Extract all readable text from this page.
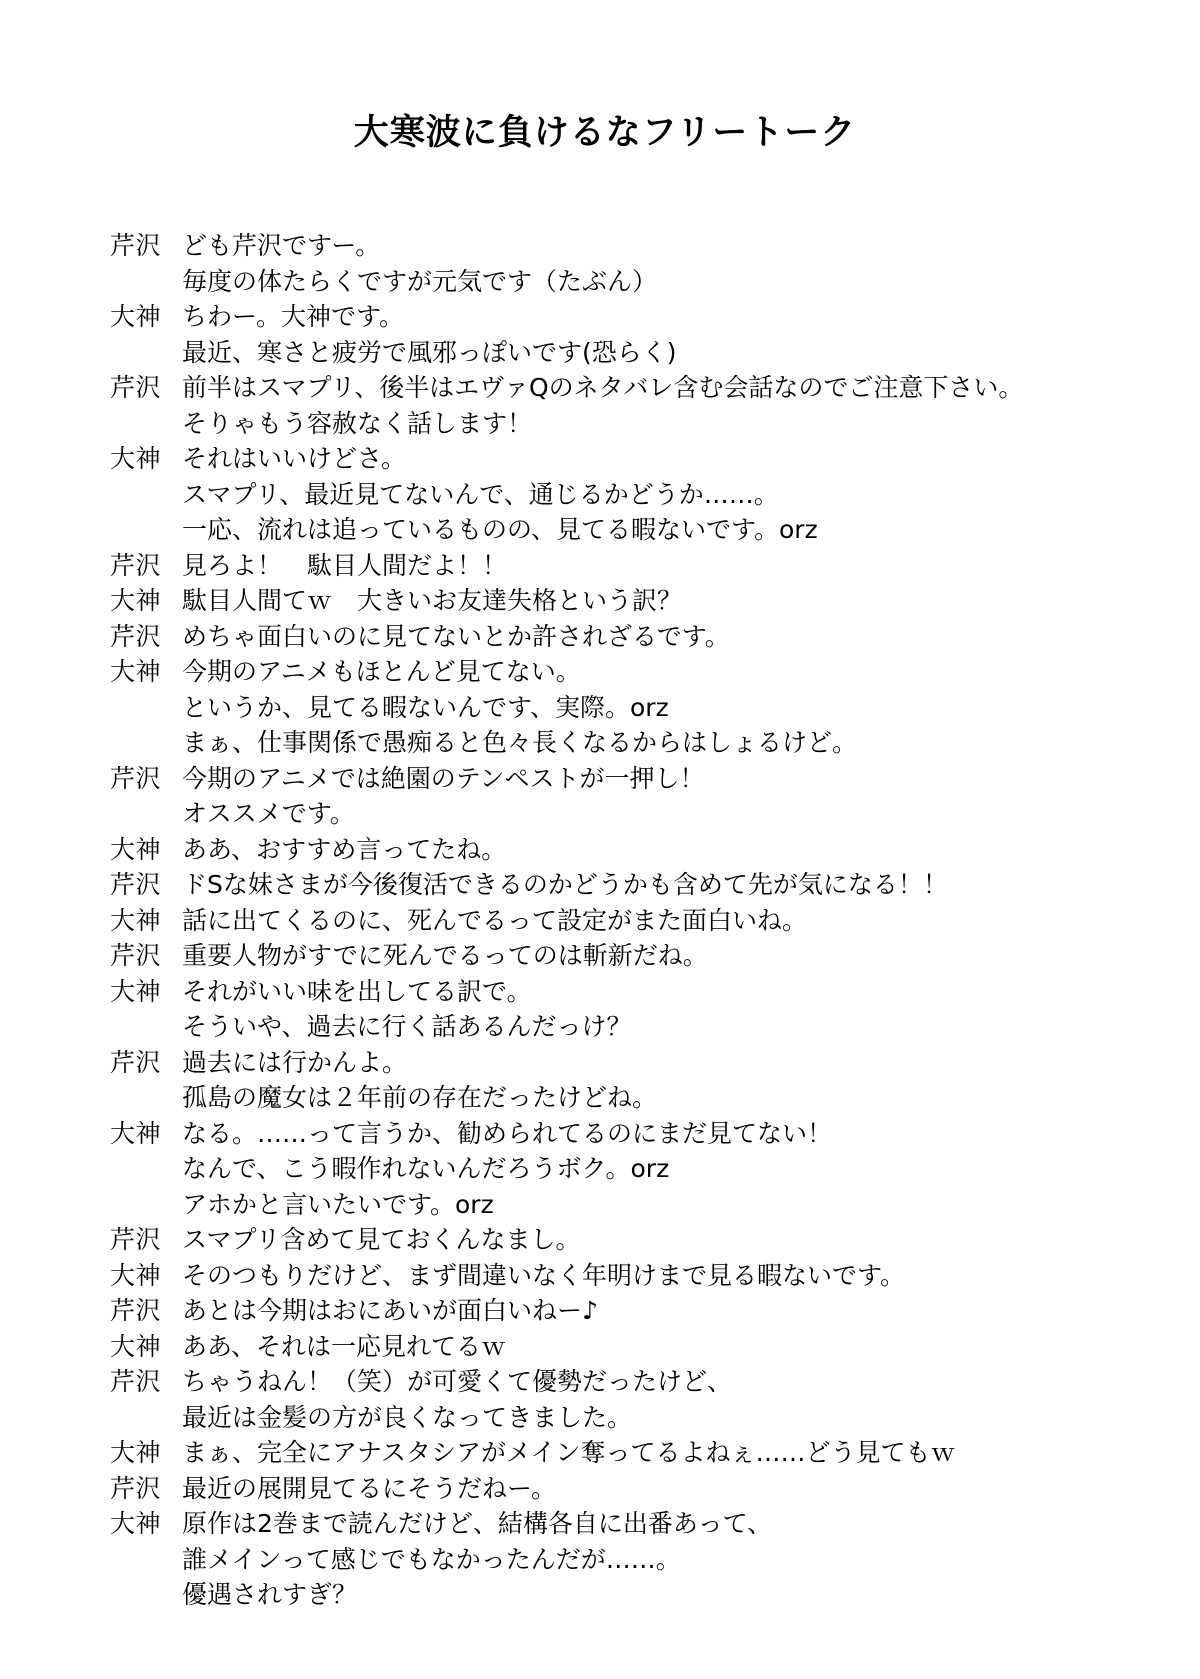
大寒波に負けるなフリートーク
芹沢 ども芹沢ですー。
毎度の体たらくですが元気です（たぶん）
大神 ちわー。大神です。
最近、寒さと疲労で風邪っぽいです(恐らく)
芹沢 前半はスマプリ、後半はエヴァQのネタバレ含む会話なのでご注意下さい。
そりゃもう容赦なく話します！
大神 それはいいけどさ。
スマプリ、最近見てないんで、通じるかどうか……。
一応、流れは追っているものの、見てる暇ないです。orz
芹沢 見ろよ！　駄目人間だよ！！
大神 駄目人間てｗ　大きいお友達失格という訳？
芹沢 めちゃ面白いのに見てないとか許されざるです。
大神 今期のアニメもほとんど見てない。
というか、見てる暇ないんです、実際。orz
まぁ、仕事関係で愚痴ると色々長くなるからはしょるけど。
芹沢 今期のアニメでは絶園のテンペストが一押し！
オススメです。
大神 ああ、おすすめ言ってたね。
芹沢 ドSな妹さまが今後復活できるのかどうかも含めて先が気になる！！
大神 話に出てくるのに、死んでるって設定がまた面白いね。
芹沢 重要人物がすでに死んでるってのは斬新だね。
大神 それがいい味を出してる訳で。
そういや、過去に行く話あるんだっけ？
芹沢 過去には行かんよ。
孤島の魔女は２年前の存在だったけどね。
大神 なる。……って言うか、勧められてるのにまだ見てない！
なんで、こう暇作れないんだろうボク。orz
アホかと言いたいです。orz
芹沢 スマプリ含めて見ておくんなまし。
大神 そのつもりだけど、まず間違いなく年明けまで見る暇ないです。
芹沢 あとは今期はおにあいが面白いねー♪
大神 ああ、それは一応見れてるｗ
芹沢 ちゃうねん！（笑）が可愛くて優勢だったけど、
最近は金髪の方が良くなってきました。
大神 まぁ、完全にアナスタシアがメイン奪ってるよねぇ……どう見てもｗ
芹沢 最近の展開見てるにそうだねー。
大神 原作は2巻まで読んだけど、結構各自に出番あって、
誰メインって感じでもなかったんだが……。
優遇されすぎ？
